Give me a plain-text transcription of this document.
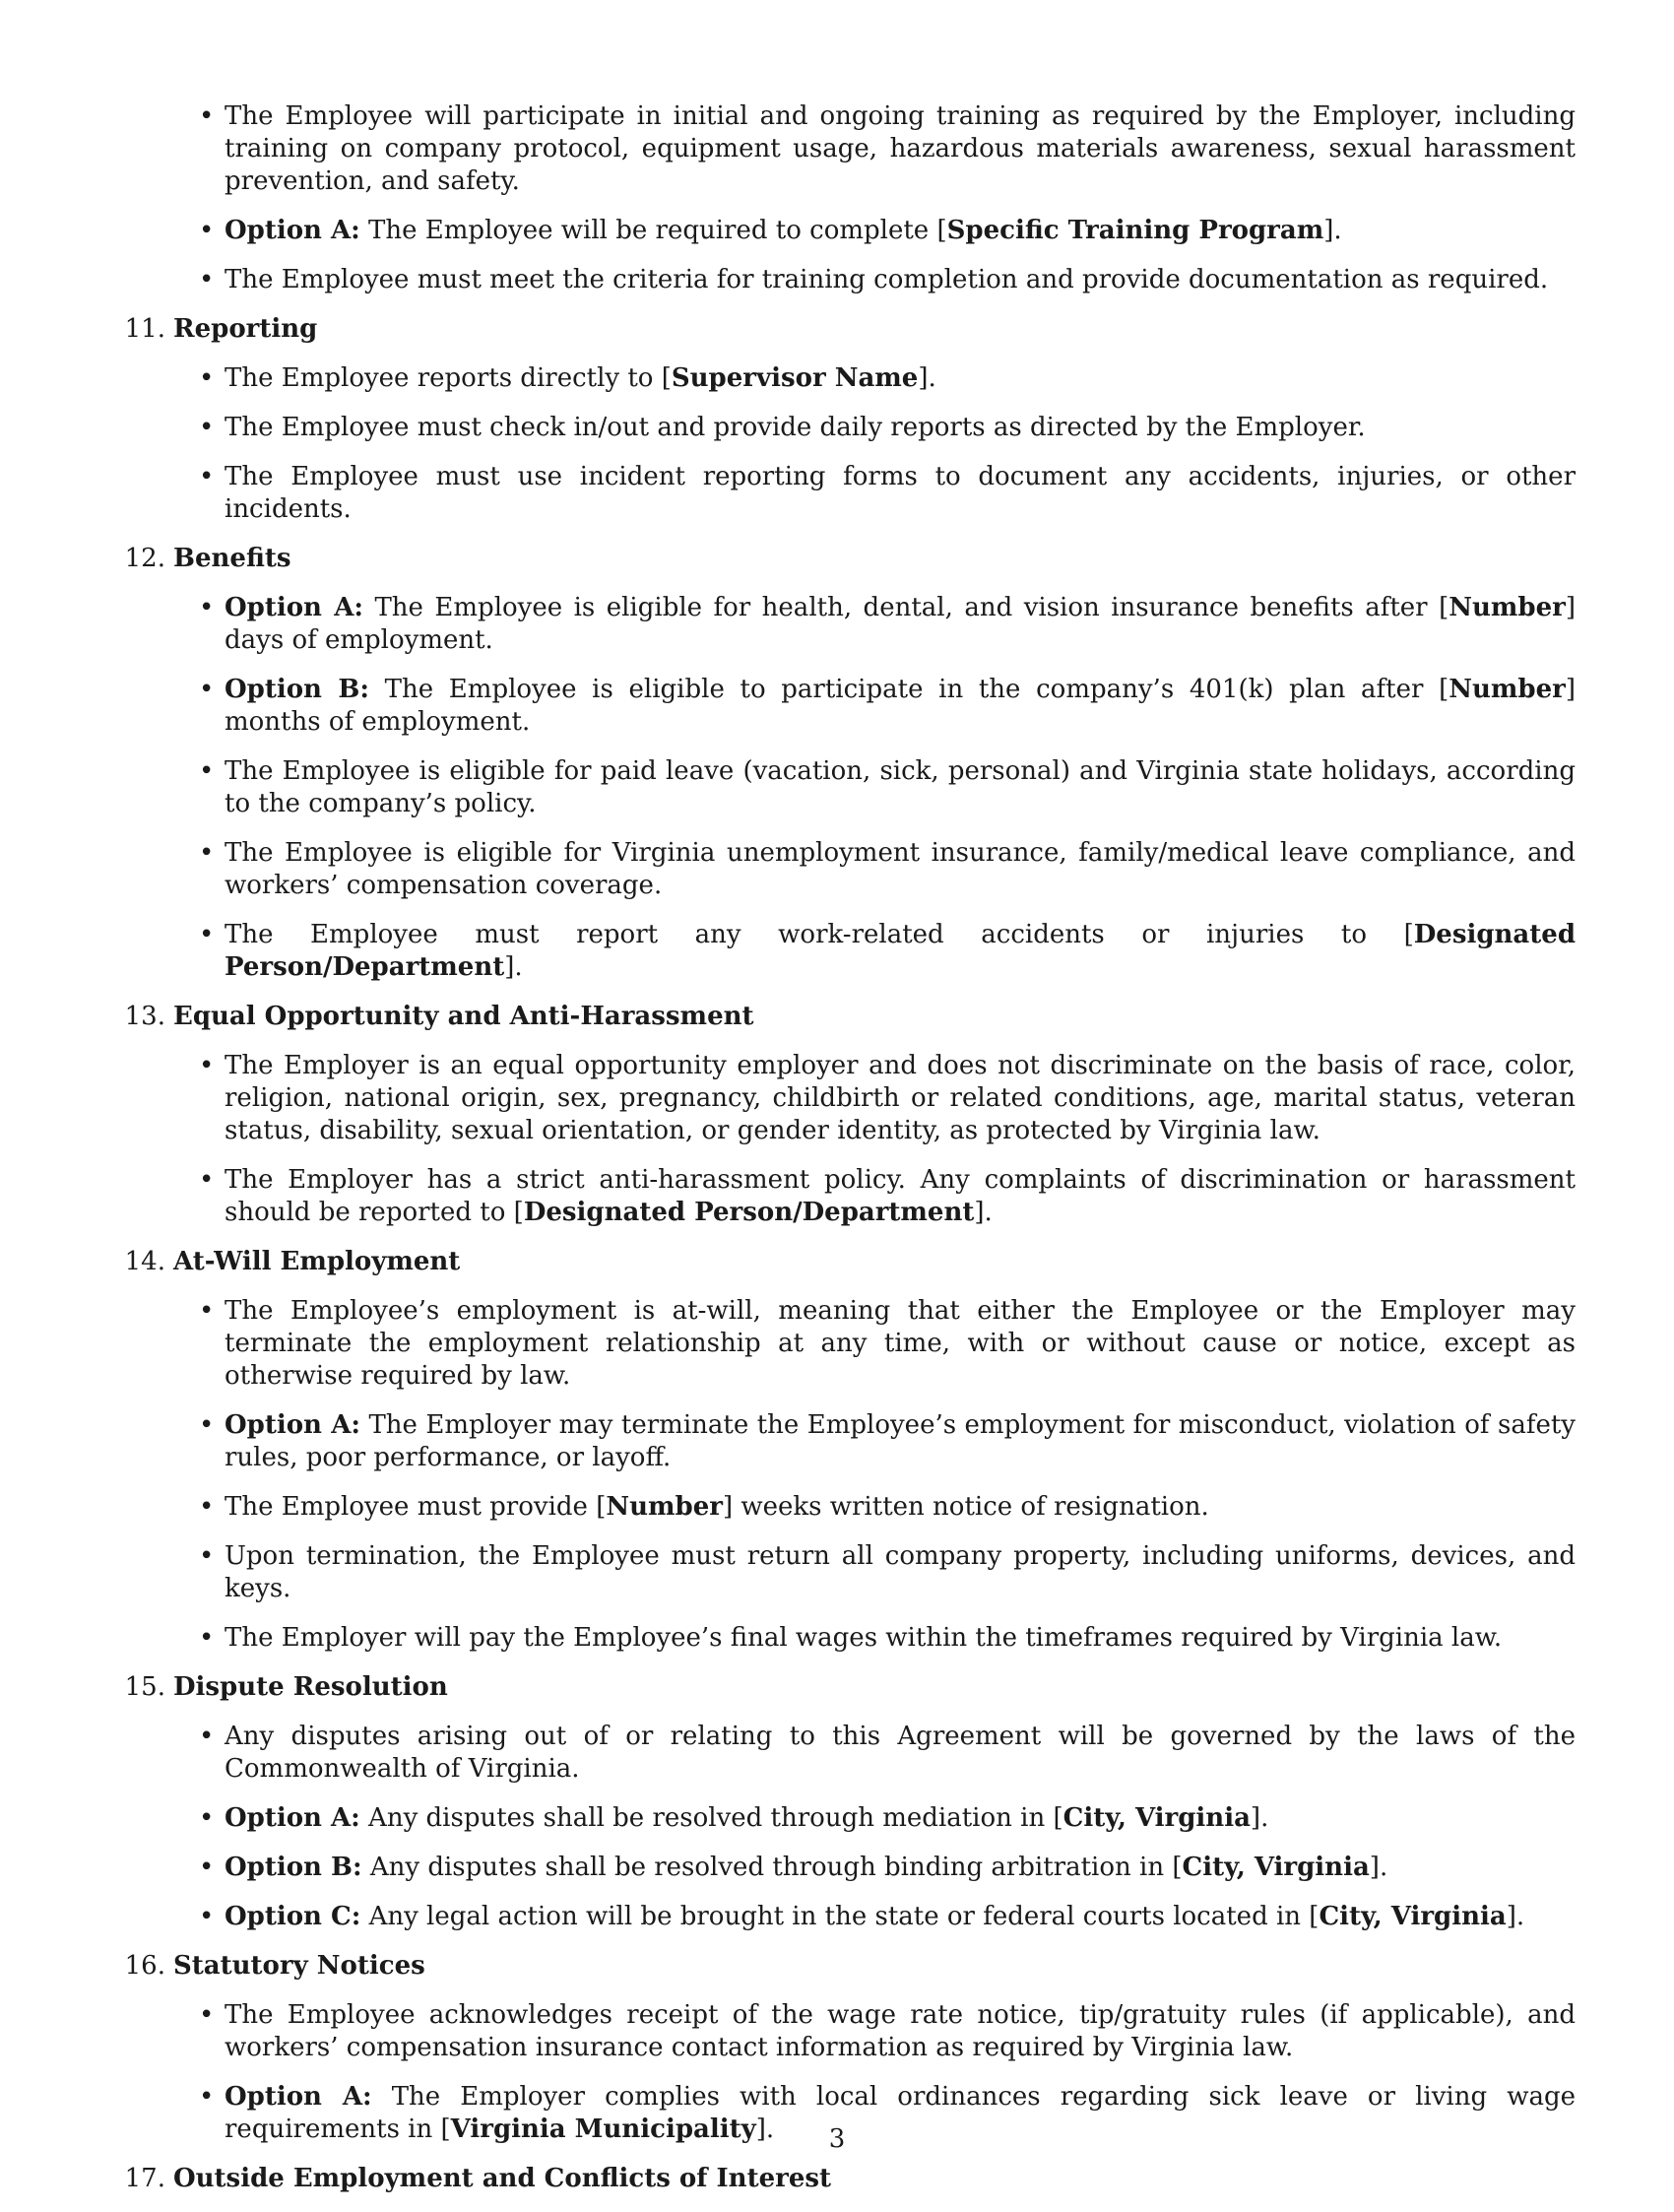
• The Employee will participate in initial and ongoing training as required by the Employer, including training on company protocol, equipment usage, hazardous materials awareness, sexual harassment prevention, and safety.
• Option A: The Employee will be required to complete [Specific Training Program].
• The Employee must meet the criteria for training completion and provide documentation as required.
11. Reporting
• The Employee reports directly to [Supervisor Name].
• The Employee must check in/out and provide daily reports as directed by the Employer.
• The Employee must use incident reporting forms to document any accidents, injuries, or other incidents.
12. Benefits
• Option A: The Employee is eligible for health, dental, and vision insurance benefits after [Number] days of employment.
• Option B: The Employee is eligible to participate in the company’s 401(k) plan after [Number] months of employment.
• The Employee is eligible for paid leave (vacation, sick, personal) and Virginia state holidays, according to the company’s policy.
• The Employee is eligible for Virginia unemployment insurance, family/medical leave compliance, and workers’ compensation coverage.
• The Employee must report any work-related accidents or injuries to [Designated Person/Department].
13. Equal Opportunity and Anti-Harassment
• The Employer is an equal opportunity employer and does not discriminate on the basis of race, color, religion, national origin, sex, pregnancy, childbirth or related conditions, age, marital status, veteran status, disability, sexual orientation, or gender identity, as protected by Virginia law.
• The Employer has a strict anti-harassment policy. Any complaints of discrimination or harassment should be reported to [Designated Person/Department].
14. At-Will Employment
• The Employee’s employment is at-will, meaning that either the Employee or the Employer may terminate the employment relationship at any time, with or without cause or notice, except as otherwise required by law.
• Option A: The Employer may terminate the Employee’s employment for misconduct, violation of safety rules, poor performance, or layoff.
• The Employee must provide [Number] weeks written notice of resignation.
• Upon termination, the Employee must return all company property, including uniforms, devices, and keys.
• The Employer will pay the Employee’s final wages within the timeframes required by Virginia law.
15. Dispute Resolution
• Any disputes arising out of or relating to this Agreement will be governed by the laws of the Commonwealth of Virginia.
• Option A: Any disputes shall be resolved through mediation in [City, Virginia].
• Option B: Any disputes shall be resolved through binding arbitration in [City, Virginia].
• Option C: Any legal action will be brought in the state or federal courts located in [City, Virginia].
16. Statutory Notices
• The Employee acknowledges receipt of the wage rate notice, tip/gratuity rules (if applicable), and workers’ compensation insurance contact information as required by Virginia law.
• Option A: The Employer complies with local ordinances regarding sick leave or living wage requirements in [Virginia Municipality].
17. Outside Employment and Conflicts of Interest
3
